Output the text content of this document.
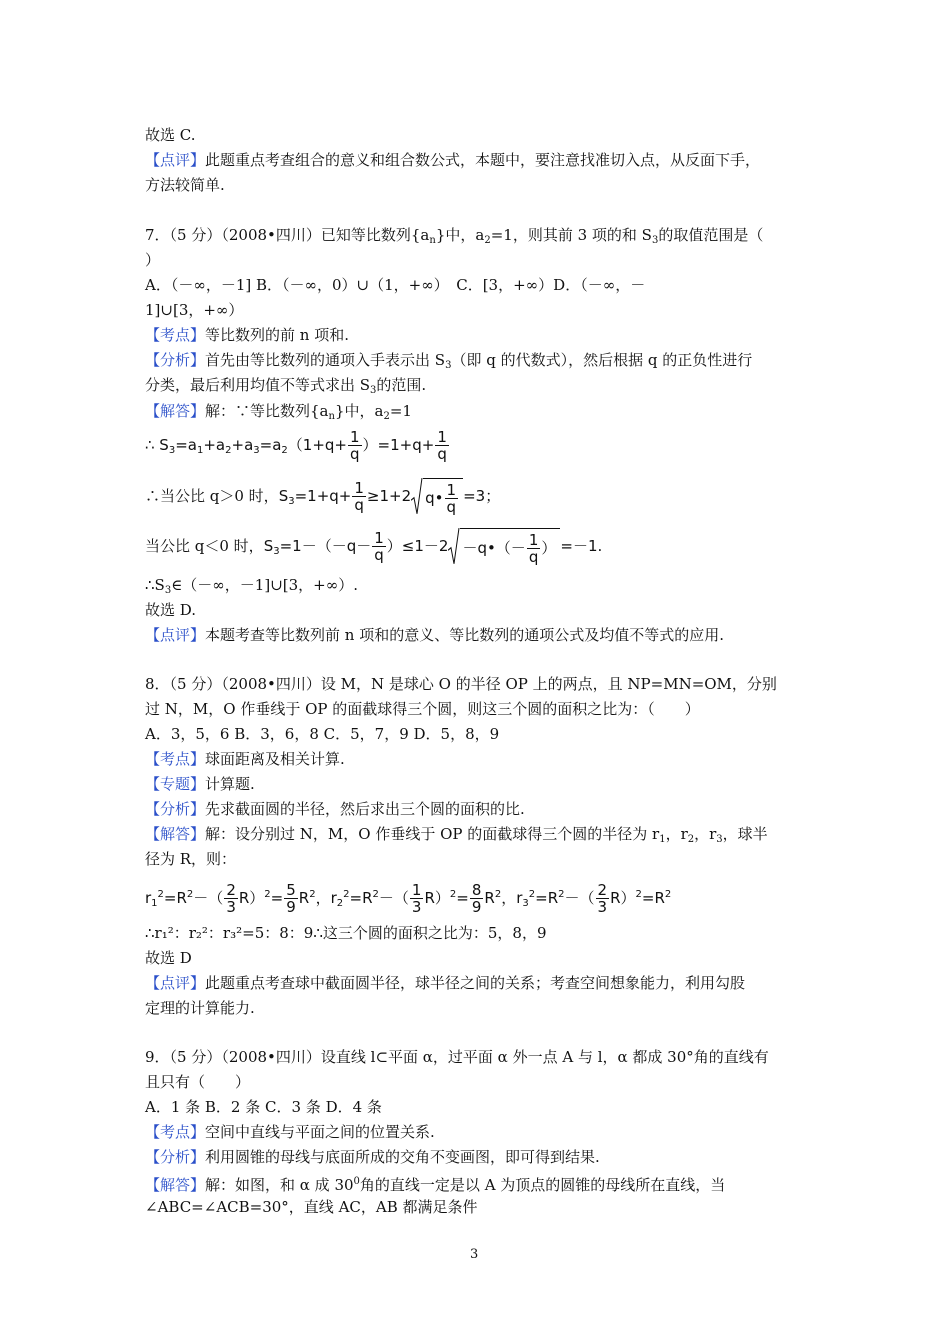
故选 C.
【点评】此题重点考查组合的意义和组合数公式，本题中，要注意找准切入点，从反面下手，
方法较简单.
7．（5 分）（2008•四川）已知等比数列$\{a_n\}$中，$a_2=1$，则其前 3 项的和 $S_3$的取值范围是（
）
A．（－∞，－1] B．（－∞，0）∪（1，+∞）　C．[3，+∞）D．（－∞，－
1]∪[3，+∞）
【考点】等比数列的前 n 项和.
【分析】首先由等比数列的通项入手表示出 $S_3$（即 q 的代数式），然后根据 q 的正负性进行
分类，最后利用均值不等式求出 $S_3$的范围.
【解答】解：∵等比数列$\{a_n\}$中，$a_2=1$
∴ $S_3=a_1+a_2+a_3=a_2(1+q+ \frac{1}{q} )=1+q+ \frac{1}{q}$
∴当公比 q＞0 时，$S_3=1+q+ \frac{1}{q} \ge 1+2$ q• $\frac{1}{q} =3$；
当公比 q＜0 时，$S_3=1-(-q- \frac{1}{q} )\le 1-2$ －q•（－ $\frac{1}{q}$ ） =－1.
$\therefore S_3\in(-\infty$，－1]∪[3，+∞）.
故选 D.
【点评】本题考查等比数列前 n 项和的意义、等比数列的通项公式及均值不等式的应用.
8．（5 分）（2008•四川）设 M，N 是球心 O 的半径 OP 上的两点，且 NP=MN=OM，分别
过 N，M，O 作垂线于 OP 的面截球得三个圆，则这三个圆的面积之比为：（　　）
A．3，5，6 B．3，6，8 C．5，7，9 D．5，8，9
【考点】球面距离及相关计算.
【专题】计算题.
【分析】先求截面圆的半径，然后求出三个圆的面积的比.
【解答】解：设分别过 N，M，O 作垂线于 OP 的面截球得三个圆的半径为 $r_1$，$r_2$，$r_3$，球半
径为 R，则：
$r_1^2=R^2-( \frac{2}{3} R)^2= \frac{5}{9} R^2$，$r_2^2=R^2-( \frac{1}{3} R)^2= \frac{8}{9} R^2$，$r_3^2=R^2-( \frac{2}{3} R)^2=R^2$
∴r₁²：r₂²：r₃²=5：8：9∴这三个圆的面积之比为：5，8，9
故选 D
【点评】此题重点考查球中截面圆半径，球半径之间的关系；考查空间想象能力，利用勾股
定理的计算能力.
9．（5 分）（2008•四川）设直线 l⊂平面 α，过平面 α 外一点 A 与 l，α 都成 30°角的直线有
且只有（　　）
A．1 条 B．2 条 C．3 条 D．4 条
【考点】空间中直线与平面之间的位置关系.
【分析】利用圆锥的母线与底面所成的交角不变画图，即可得到结果.
【解答】解：如图，和 α 成 $30^0$角的直线一定是以 A 为顶点的圆锥的母线所在直线，当
∠ABC=∠ACB=30°，直线 AC，AB 都满足条件
3
